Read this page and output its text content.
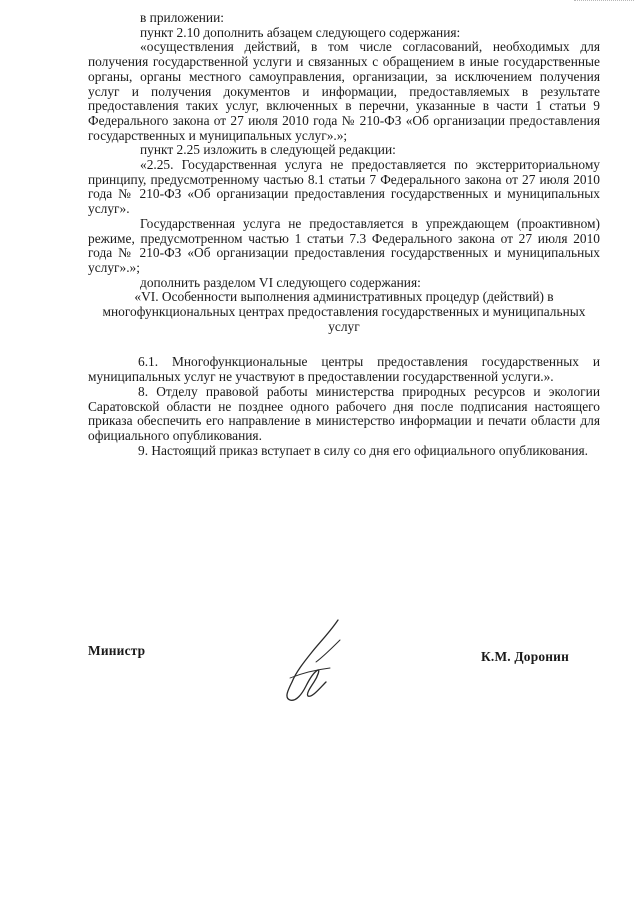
в приложении:

пункт 2.10 дополнить абзацем следующего содержания:

«осуществления действий, в том числе согласований, необходимых для получения государственной услуги и связанных с обращением в иные государственные органы, органы местного самоуправления, организации, за исключением получения услуг и получения документов и информации, предоставляемых в результате предоставления таких услуг, включенных в перечни, указанные в части 1 статьи 9 Федерального закона от 27 июля 2010 года № 210-ФЗ «Об организации предоставления государственных и муниципальных услуг».»;

пункт 2.25 изложить в следующей редакции:

«2.25. Государственная услуга не предоставляется по экстерриториальному принципу, предусмотренному частью 8.1 статьи 7 Федерального закона от 27 июля 2010 года № 210-ФЗ «Об организации предоставления государственных и муниципальных услуг».

Государственная услуга не предоставляется в упреждающем (проактивном) режиме, предусмотренном частью 1 статьи 7.3 Федерального закона от 27 июля 2010 года № 210-ФЗ «Об организации предоставления государственных и муниципальных услуг».»;

дополнить разделом VI следующего содержания:

«VI. Особенности выполнения административных процедур (действий) в многофункциональных центрах предоставления государственных и муниципальных услуг

6.1. Многофункциональные центры предоставления государственных и муниципальных услуг не участвуют в предоставлении государственной услуги.».

8. Отделу правовой работы министерства природных ресурсов и экологии Саратовской области не позднее одного рабочего дня после подписания настоящего приказа обеспечить его направление в министерство информации и печати области для официального опубликования.

9. Настоящий приказ вступает в силу со дня его официального опубликования.

Министр	К.М. Доронин
